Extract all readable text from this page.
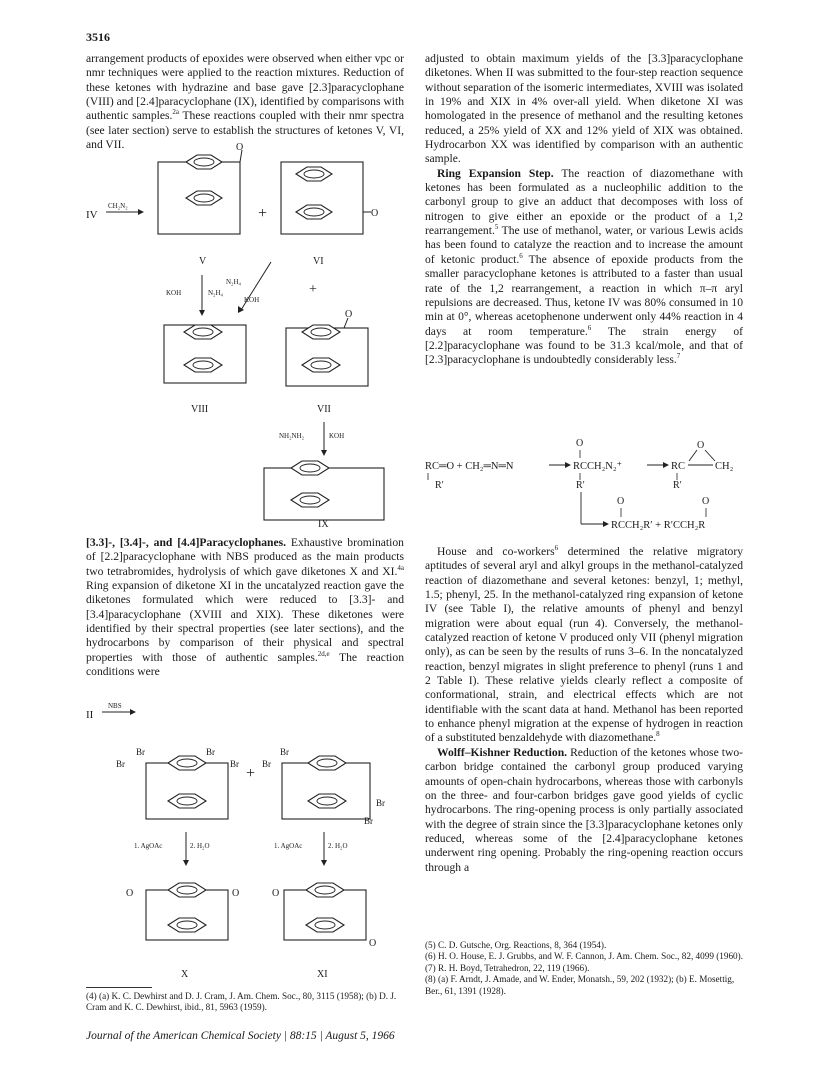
3516

arrangement products of epoxides were observed when either vpc or nmr techniques were applied to the reaction mixtures. Reduction of these ketones with hydrazine and base gave [2.3]paracyclophane (VIII) and [2.4]paracyclophane (IX), identified by comparisons with authentic samples.$^{2a}$ These reactions coupled with their nmr spectra (see later section) serve to establish the structures of ketones V, VI, and VII.

IV
CH₂N₂
O
V
+	O
VI
KOH	N₂H₄
N₂H₄
KOH
+
VIII
O
VII
NH₂NH₂	KOH
IX

[3.3]-, [3.4]-, and [4.4]Paracyclophanes. Exhaustive bromination of [2.2]paracyclophane with NBS produced as the main products two tetrabromides, hydrolysis of which gave diketones X and XI.$^{4a}$ Ring expansion of diketone XI in the uncatalyzed reaction gave the diketones formulated which were reduced to [3.3]- and [3.4]paracyclophane (XVIII and XIX). These diketones were identified by their spectral properties (see later sections), and the hydrocarbons by comparison of their physical and spectral properties with those of authentic samples.$^{2d,e}$ The reaction conditions were

II
NBS
Br	Br
Br	Br
+
Br
Br
Br
Br
1. AgOAc	2. H₂O	1. AgOAc	2. H₂O
O	O
X
O
O
XI

(4) (a) K. C. Dewhirst and D. J. Cram, J. Am. Chem. Soc., 80, 3115 (1958); (b) D. J. Cram and K. C. Dewhirst, ibid., 81, 5963 (1959).

adjusted to obtain maximum yields of the [3.3]paracyclophane diketones. When II was submitted to the four-step reaction sequence without separation of the isomeric intermediates, XVIII was isolated in 19% and XIX in 4% over-all yield. When diketone XI was homologated in the presence of methanol and the resulting ketones reduced, a 25% yield of XX and 12% yield of XIX was obtained. Hydrocarbon XX was identified by comparison with an authentic sample.

Ring Expansion Step. The reaction of diazomethane with ketones has been formulated as a nucleophilic addition to the carbonyl group to give an adduct that decomposes with loss of nitrogen to give either an epoxide or the product of a 1,2 rearrangement.$^5$ The use of methanol, water, or various Lewis acids has been found to catalyze the reaction and to increase the amount of ketonic product.$^6$ The absence of epoxide products from the smaller paracyclophane ketones is attributed to a faster than usual rate of the 1,2 rearrangement, a reaction in which π–π aryl repulsions are decreased. Thus, ketone IV was 80% consumed in 10 min at 0°, whereas acetophenone underwent only 44% reaction in 4 days at room temperature.$^6$ The strain energy of [2.2]paracyclophane was found to be 31.3 kcal/mole, and that of [2.3]paracyclophane is undoubtedly considerably less.$^7$

RC═O + CH₂═N═N
R′
O
RCCH₂N₂⁺
R′
RC	CH₂
O
R′
O	O
RCCH₂R′ + R′CCH₂R

House and co-workers$^6$ determined the relative migratory aptitudes of several aryl and alkyl groups in the methanol-catalyzed reaction of diazomethane and several ketones: benzyl, 1; methyl, 1.5; phenyl, 25. In the methanol-catalyzed ring expansion of ketone IV (see Table I), the relative amounts of phenyl and benzyl migration were about equal (run 4). Conversely, the methanol-catalyzed reaction of ketone V produced only VII (phenyl migration only), as can be seen by the results of runs 3–6. In the noncatalyzed reaction, benzyl migrates in slight preference to phenyl (runs 1 and 2 Table I). These relative yields clearly reflect a composite of conformational, strain, and electrical effects which are not identifiable with the scant data at hand. Methanol has been reported to enhance phenyl migration at the expense of hydrogen in reaction of a substituted benzaldehyde with diazomethane.$^8$

Wolff–Kishner Reduction. Reduction of the ketones whose two-carbon bridge contained the carbonyl group produced varying amounts of open-chain hydrocarbons, whereas those with carbonyls on the three- and four-carbon bridges gave good yields of cyclic hydrocarbons. The ring-opening process is only partially associated with the degree of strain since the [3.3]paracyclophane ketones only reduced, whereas some of the [2.4]paracyclophane ketones underwent ring opening. Probably the ring-opening reaction occurs through a

(5) C. D. Gutsche, Org. Reactions, 8, 364 (1954).

(6) H. O. House, E. J. Grubbs, and W. F. Cannon, J. Am. Chem. Soc., 82, 4099 (1960).

(7) R. H. Boyd, Tetrahedron, 22, 119 (1966).

(8) (a) F. Arndt, J. Amade, and W. Ender, Monatsh., 59, 202 (1932); (b) E. Mosettig, Ber., 61, 1391 (1928).

Journal of the American Chemical Society | 88:15 | August 5, 1966
